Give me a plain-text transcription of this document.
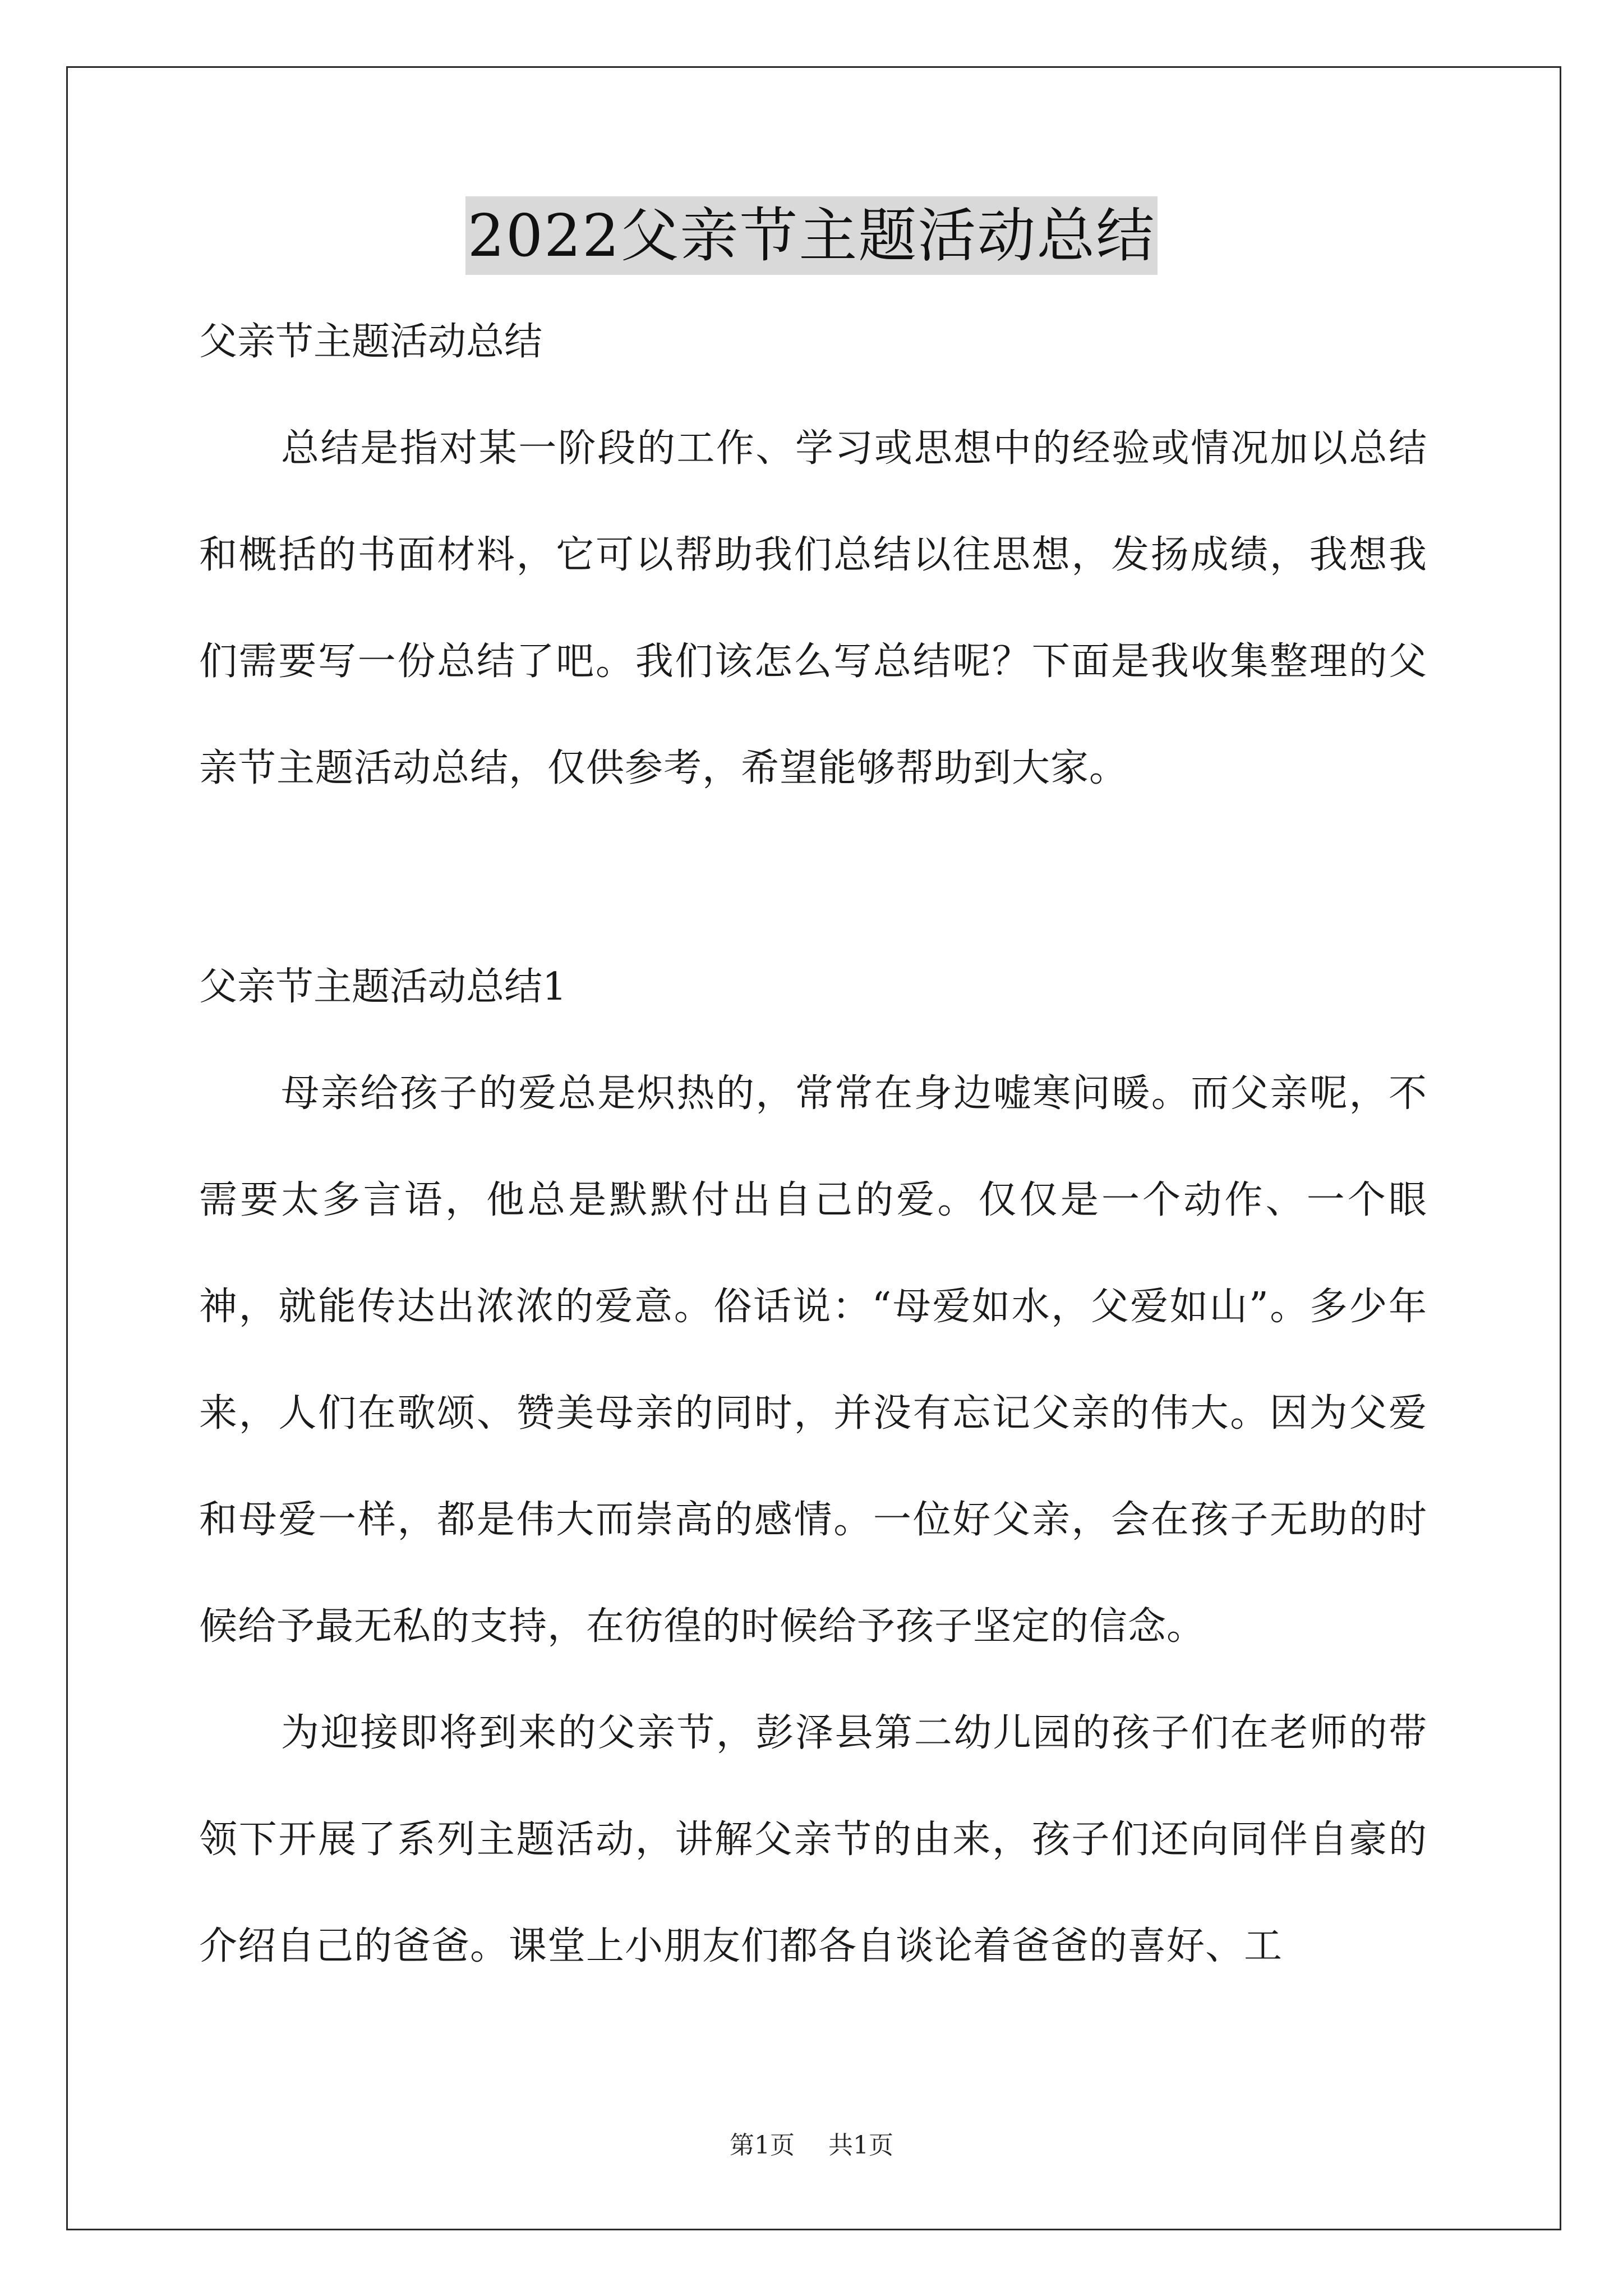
2022父亲节主题活动总结
父亲节主题活动总结

总结是指对某一阶段的工作、学习或思想中的经验或情况加以总结和概括的书面材料，它可以帮助我们总结以往思想，发扬成绩，我想我们需要写一份总结了吧。我们该怎么写总结呢？下面是我收集整理的父亲节主题活动总结，仅供参考，希望能够帮助到大家。

父亲节主题活动总结1

母亲给孩子的爱总是炽热的，常常在身边嘘寒问暖。而父亲呢，不需要太多言语，他总是默默付出自己的爱。仅仅是一个动作、一个眼神，就能传达出浓浓的爱意。俗话说：“母爱如水，父爱如山”。多少年来，人们在歌颂、赞美母亲的同时，并没有忘记父亲的伟大。因为父爱和母爱一样，都是伟大而崇高的感情。一位好父亲，会在孩子无助的时候给予最无私的支持，在彷徨的时候给予孩子坚定的信念。

为迎接即将到来的父亲节，彭泽县第二幼儿园的孩子们在老师的带领下开展了系列主题活动，讲解父亲节的由来，孩子们还向同伴自豪的介绍自己的爸爸。课堂上小朋友们都各自谈论着爸爸的喜好、工

第1页 共1页
